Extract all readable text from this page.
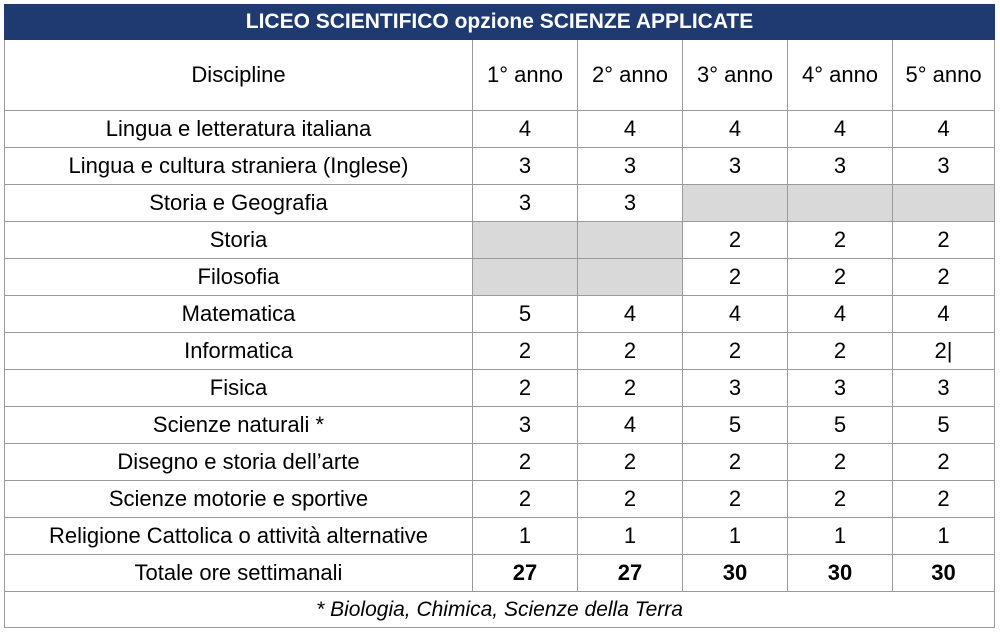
LICEO SCIENTIFICO opzione SCIENZE APPLICATE					
Discipline	1° anno	2° anno	3° anno	4° anno	5° anno

Lingua e letteratura italiana	4	4	4	4	4
Lingua e cultura straniera (Inglese)	3	3	3	3	3
Storia e Geografia	3	3			
Storia			2	2	2
Filosofia			2	2	2
Matematica	5	4	4	4	4
Informatica	2	2	2	2	2|
Fisica	2	2	3	3	3
Scienze naturali *	3	4	5	5	5
Disegno e storia dell’arte	2	2	2	2	2
Scienze motorie e sportive	2	2	2	2	2
Religione Cattolica o attività alternative	1	1	1	1	1
Totale ore settimanali	27	27	30	30	30
* Biologia, Chimica, Scienze della Terra					
